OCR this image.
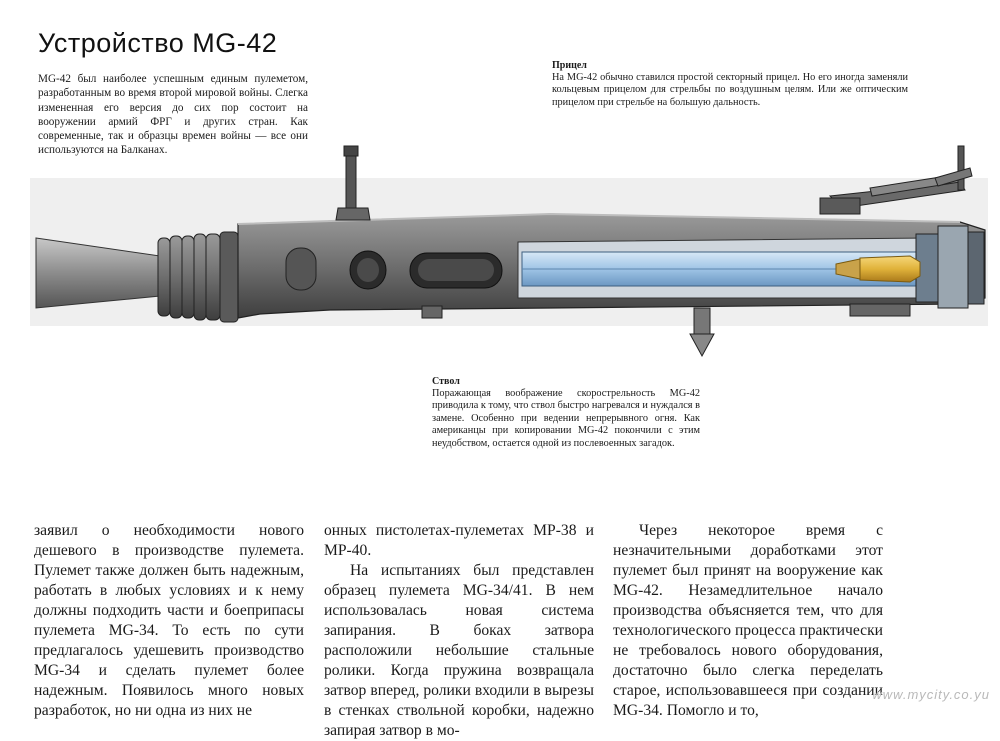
Устройство MG-42
MG-42 был наиболее успешным единым пулеметом, разработанным во время второй мировой войны. Слегка измененная его версия до сих пор состоит на вооружении армий ФРГ и других стран. Как современные, так и образцы времен войны — все они используются на Балканах.
Прицел
На MG-42 обычно ставился простой секторный прицел. Но его иногда заменяли кольцевым прицелом для стрельбы по воздушным целям. Или же оптическим прицелом при стрельбе на большую дальность.
Ствол
Поражающая воображение скорострельность MG-42 приводила к тому, что ствол быстро нагревался и нуждался в замене. Особенно при ведении непрерывного огня. Как американцы при копировании MG-42 покончили с этим неудобством, остается одной из послевоенных загадок.

заявил о необходимости нового дешевого в производстве пулемета. Пулемет также должен быть надежным, работать в любых условиях и к нему должны подходить части и боеприпасы пулемета MG-34. То есть по сути предлагалось удешевить производство MG-34 и сделать пулемет более надежным. Появилось много новых разработок, но ни одна из них не

онных пистолетах-пулеметах MP-38 и MP-40.

На испытаниях был представлен образец пулемета MG-34/41. В нем использовалась новая система запирания. В боках затвора расположили небольшие стальные ролики. Когда пружина возвращала затвор вперед, ролики входили в вырезы в стенках ствольной коробки, надежно запирая затвор в мо-

Через некоторое время с незначительными доработками этот пулемет был принят на вооружение как MG-42. Незамедлительное начало производства объясняется тем, что для технологического процесса практически не требовалось нового оборудования, достаточно было слегка переделать старое, использовавшееся при создании MG-34. Помогло и то,

www.mycity.co.yu
